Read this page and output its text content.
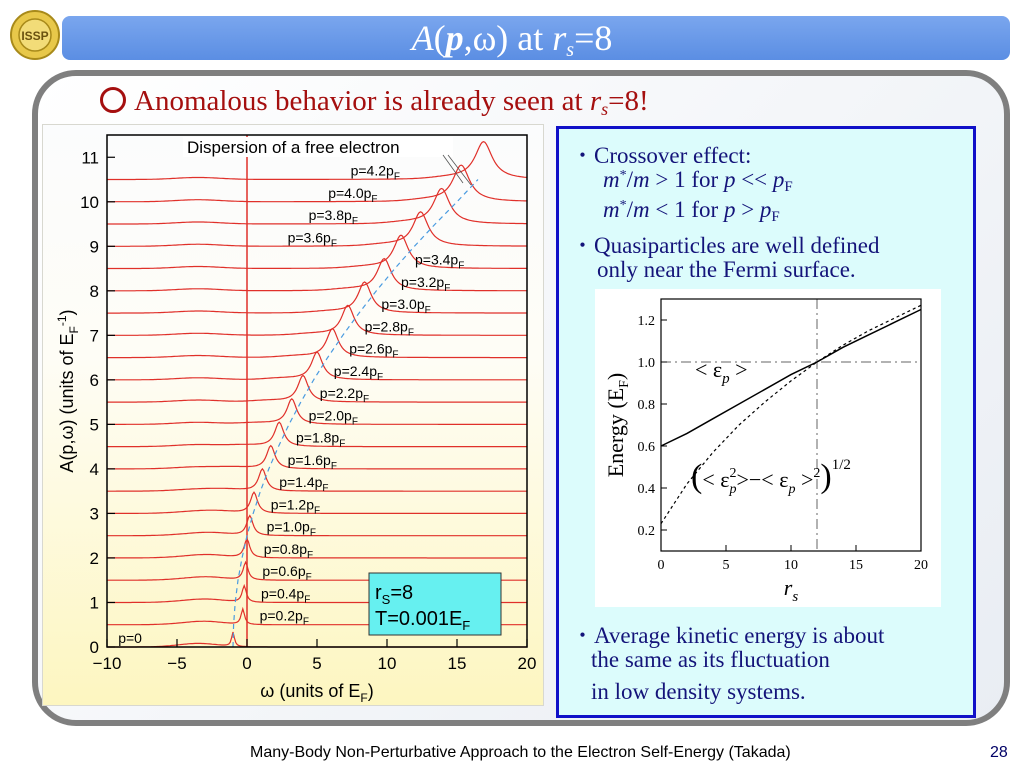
ISSP	A(p,ω) at $r_s=8$
Anomalous behavior is already seen at $r_s=8$!
0
1
2
3
4
5
6
7
8
9
10
11
−10	−5	0	5	10	15	20
ω (units of $E_F$)
A(p,ω) (units of $E_F^{-1}$)
Dispersion of a free electron
p=0
$p=0.2p_F$
$p=0.4p_F$
$p=0.6p_F$
$p=0.8p_F$
$p=1.0p_F$
$p=1.2p_F$
$p=1.4p_F$
$p=1.6p_F$
$p=1.8p_F$
$p=2.0p_F$
$p=2.2p_F$
$p=2.4p_F$
$p=2.6p_F$
$p=2.8p_F$
$p=3.0p_F$
$p=3.2p_F$
$p=3.4p_F$
$p=3.6p_F$
$p=3.8p_F$
$p=4.0p_F$
$p=4.2p_F$
$r_S=8$
$T=0.001E_F$
・Crossover effect:
m*/m > 1 for $p << p_F$
m*/m < 1 for $p > p_F$
・Quasiparticles are well defined
only near the Fermi surface.
0.2
0.4
0.6
0.8
1.0
1.2
0	5	10	15	20
$r_s$
Energy $(E_F)$	< $\varepsilon_p$ >
(< $\varepsilon^2$ $p>-< \varepsilon_p >^2)^{1/2}$
・Average kinetic energy is about
the same as its fluctuation
in low density systems.
Many-Body Non-Perturbative Approach to the Electron Self-Energy (Takada)	28
